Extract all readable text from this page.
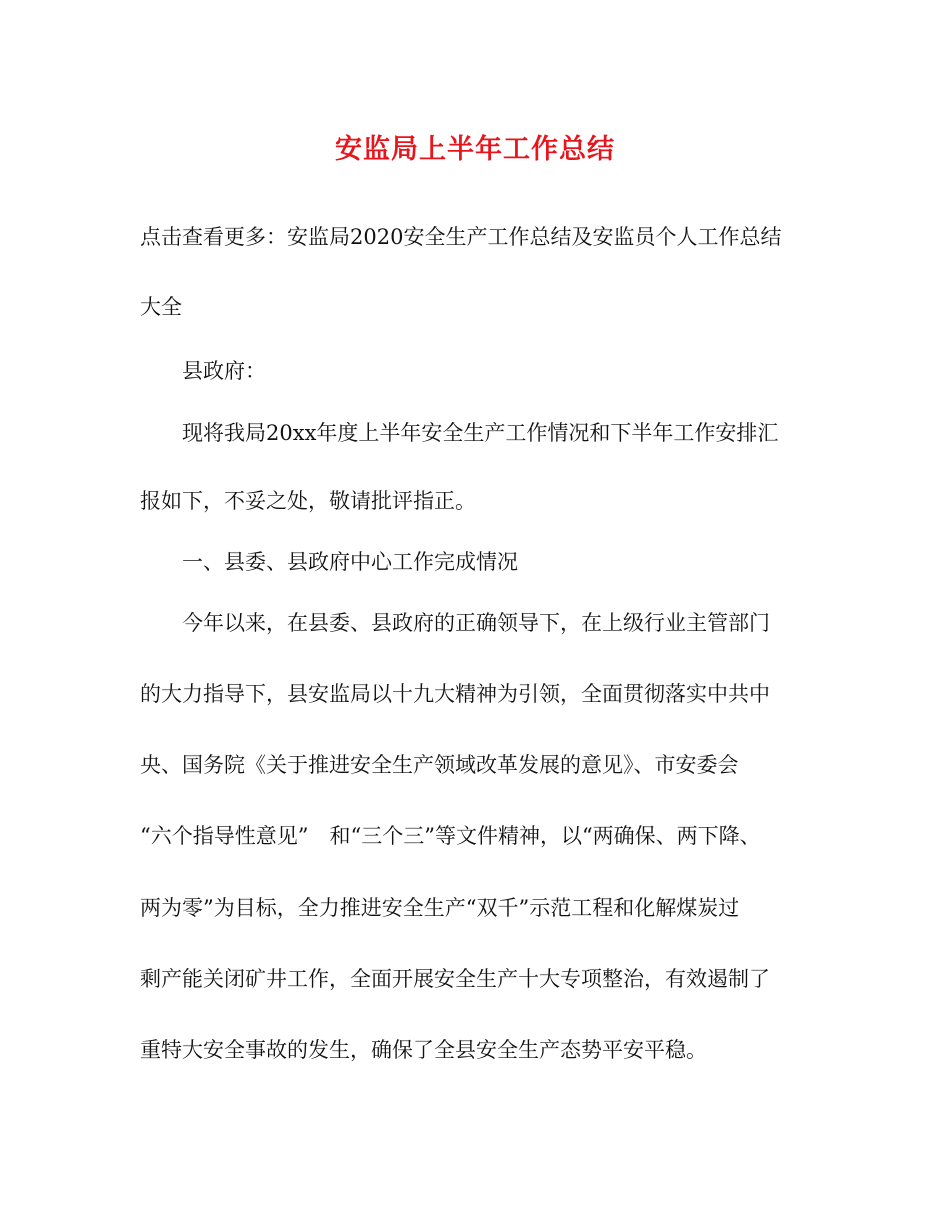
安监局上半年工作总结
点击查看更多：安监局2020安全生产工作总结及安监员个人工作总结
大全
　　县政府：
　　现将我局20xx年度上半年安全生产工作情况和下半年工作安排汇
报如下，不妥之处，敬请批评指正。
　　一、县委、县政府中心工作完成情况
　　今年以来，在县委、县政府的正确领导下，在上级行业主管部门
的大力指导下，县安监局以十九大精神为引领，全面贯彻落实中共中
央、国务院《关于推进安全生产领域改革发展的意见》、市安委会
“六个指导性意见”　和“三个三”等文件精神，以“两确保、两下降、
两为零”为目标，全力推进安全生产“双千”示范工程和化解煤炭过
剩产能关闭矿井工作，全面开展安全生产十大专项整治，有效遏制了
重特大安全事故的发生，确保了全县安全生产态势平安平稳。
